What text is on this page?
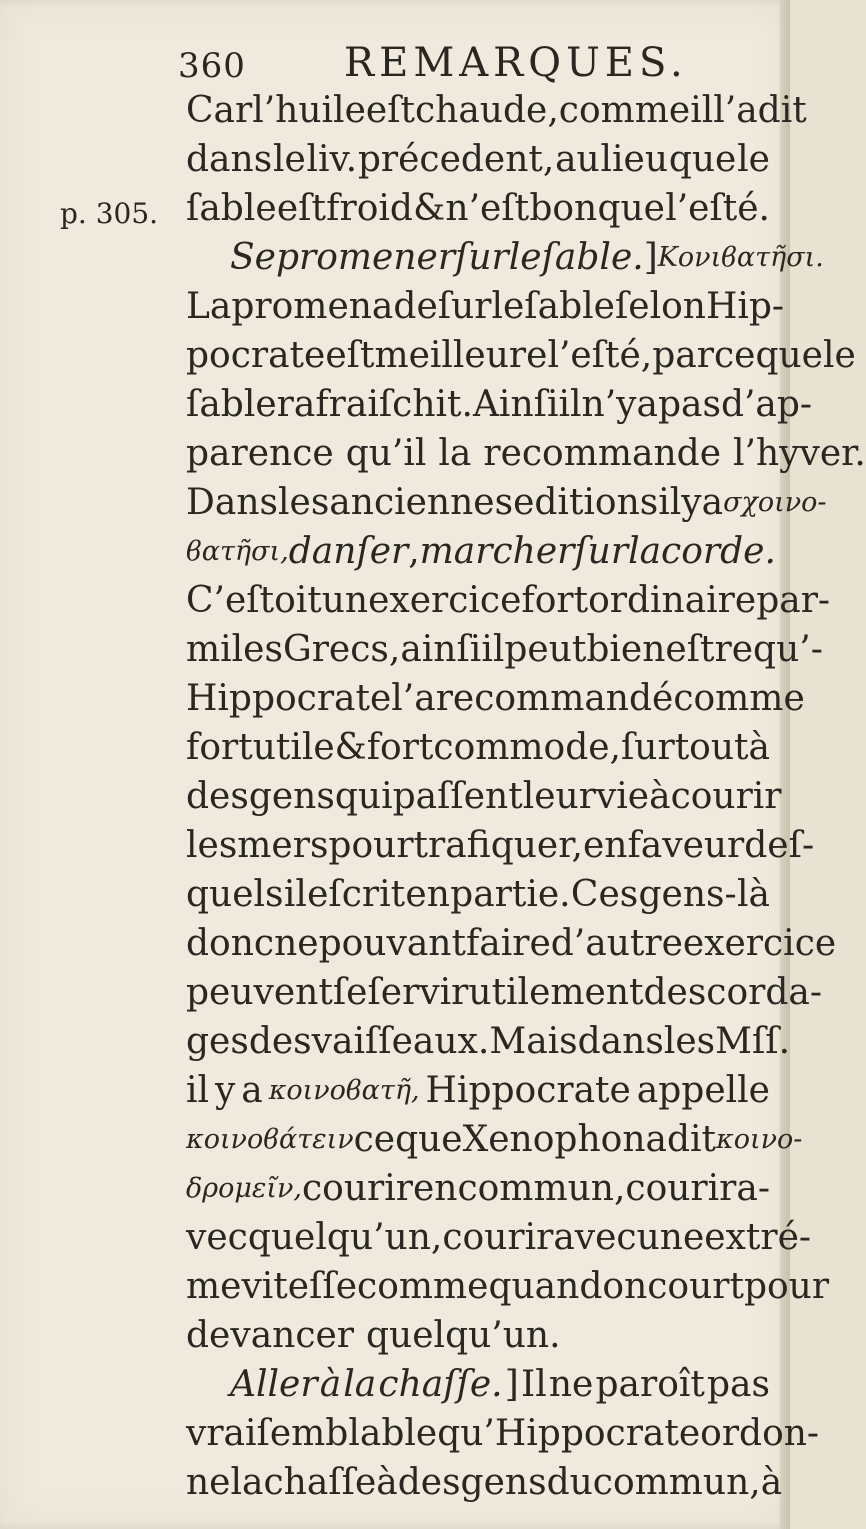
360 REMARQUES.
p. 305.
Car l’huile eſt chaude, comme il l’a dit
dans le liv. précedent, au lieu que le
ſable eſt froid & n’eſt bon que l’eſté.
Se promener ſur le ſable. ] Κονιϐατῆσι.
La promenade ſur le ſable ſelon Hip-
pocrate eſt meilleure l’eſté, parce que le
ſable rafraiſchit. Ainſi il n’y a pas d’ap-
parence qu’il la recommande l’hyver.
Dans les anciennes editions il y a σχοινο-
ϐατῆσι, danſer , marcher ſur la corde.
C’eſtoit un exercice fort ordinaire par-
mi les Grecs, ainſi il peut bien eſtre qu’-
Hippocrate l’a recommandé comme
fort utile & fort commode, ſur tout à
des gens qui paſſent leur vie à courir
les mers pour trafiquer, en faveur deſ-
quels il eſcrit en partie. Ces gens- là
donc ne pouvant faire d’autre exercice
peuvent ſe ſervir utilement des corda-
ges des vaiſſeaux. Mais dans les Mſſ.
il y a κοινοϐατῆ, Hippocrate appelle
κοινοϐάτειν ce que Xenophon a dit κοινο-
δρομεῖν, courir en commun , courir a-
vec quelqu’un, courir avec une extré-
me viteſſe comme quand on court pour
devancer quelqu’un.
Aller à la chaſſe. ] Il ne paroît pas
vrai ſemblable qu’Hippocrate ordon-
ne la chaſſe à des gens du commun, à
